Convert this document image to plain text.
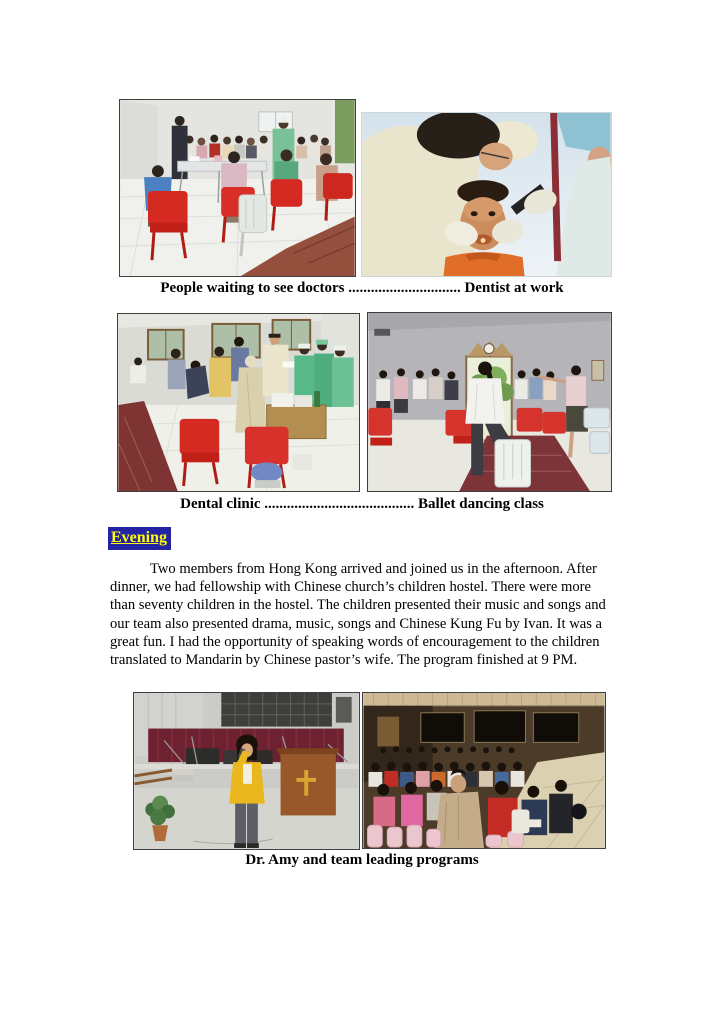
People waiting to see doctors .............................. Dentist at work
Dental clinic ........................................ Ballet dancing class
Evening

Two members from Hong Kong arrived and joined us in the afternoon. After dinner, we had fellowship with Chinese church’s children hostel. There were more than seventy children in the hostel. The children presented their music and songs and our team also presented drama, music, songs and Chinese Kung Fu by Ivan. It was a great fun. I had the opportunity of speaking words of encouragement to the children translated to Mandarin by Chinese pastor’s wife. The program finished at 9 PM.

Dr. Amy and team leading programs
